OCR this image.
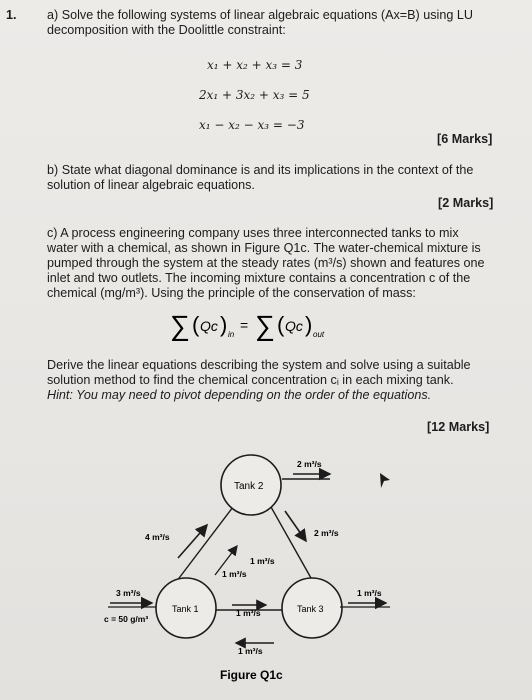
1. a) Solve the following systems of linear algebraic equations (Ax=B) using LU
decomposition with the Doolittle constraint:
x₁ + x₂ + x₃ = 3
2x₁ + 3x₂ + x₃ = 5
x₁ − x₂ − x₃ = −3
[6 Marks]
b) State what diagonal dominance is and its implications in the context of the
solution of linear algebraic equations.
[2 Marks]
c) A process engineering company uses three interconnected tanks to mix
water with a chemical, as shown in Figure Q1c. The water-chemical mixture is
pumped through the system at the steady rates (m³/s) shown and features one
inlet and two outlets. The incoming mixture contains a concentration c of the
chemical (mg/m³). Using the principle of the conservation of mass:
∑ ( Qc ) in
= ∑ ( Qc ) out
Derive the linear equations describing the system and solve using a suitable
solution method to find the chemical concentration cᵢ in each mixing tank.
Hint: You may need to pivot depending on the order of the equations.
[12 Marks]
Tank 2
Tank 1	Tank 3
2 m³/s
2 m³/s
4 m³/s
1 m³/s
1 m³/s
3 m³/s
c = 50 g/m³
1 m³/s
1 m³/s
1 m³/s
Figure Q1c
